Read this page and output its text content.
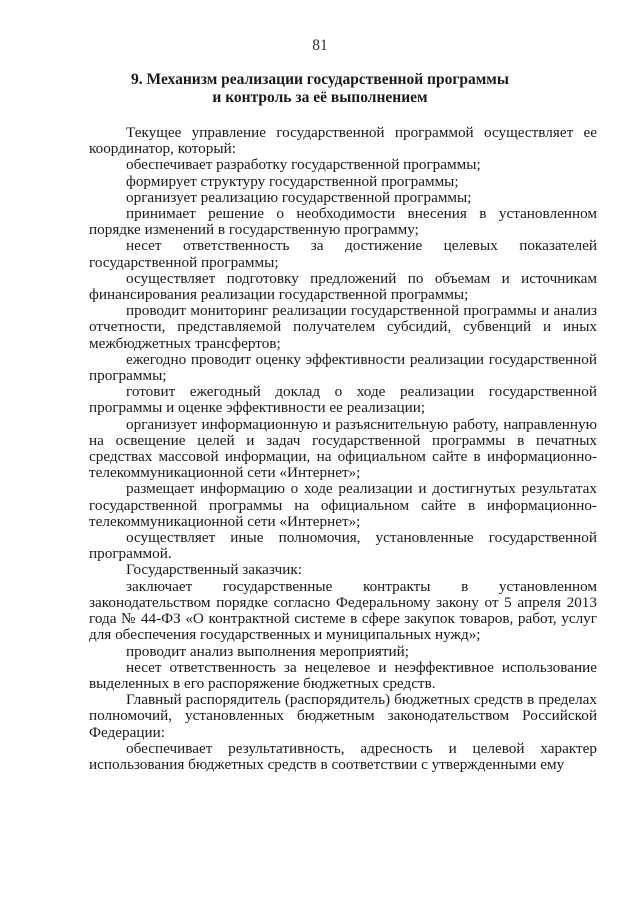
81
9. Механизм реализации государственной программы
и контроль за её выполнением

Текущее управление государственной программой осуществляет ее координатор, который:

обеспечивает разработку государственной программы;

формирует структуру государственной программы;

организует реализацию государственной программы;

принимает решение о необходимости внесения в установленном порядке изменений в государственную программу;

несет ответственность за достижение целевых показателей государственной программы;

осуществляет подготовку предложений по объемам и источникам финансирования реализации государственной программы;

проводит мониторинг реализации государственной программы и анализ отчетности, представляемой получателем субсидий, субвенций и иных межбюджетных трансфертов;

ежегодно проводит оценку эффективности реализации государственной программы;

готовит ежегодный доклад о ходе реализации государственной программы и оценке эффективности ее реализации;

организует информационную и разъяснительную работу, направленную на освещение целей и задач государственной программы в печатных средствах массовой информации, на официальном сайте в информационно-телекоммуникационной сети «Интернет»;

размещает информацию о ходе реализации и достигнутых результатах государственной программы на официальном сайте в информационно-телекоммуникационной сети «Интернет»;

осуществляет иные полномочия, установленные государственной программой.

Государственный заказчик:

заключает государственные контракты в установленном законодательством порядке согласно Федеральному закону от 5 апреля 2013 года № 44-ФЗ «О контрактной системе в сфере закупок товаров, работ, услуг для обеспечения государственных и муниципальных нужд»;

проводит анализ выполнения мероприятий;

несет ответственность за нецелевое и неэффективное использование выделенных в его распоряжение бюджетных средств.

Главный распорядитель (распорядитель) бюджетных средств в пределах полномочий, установленных бюджетным законодательством Российской Федерации:

обеспечивает результативность, адресность и целевой характер использования бюджетных средств в соответствии с утвержденными ему
